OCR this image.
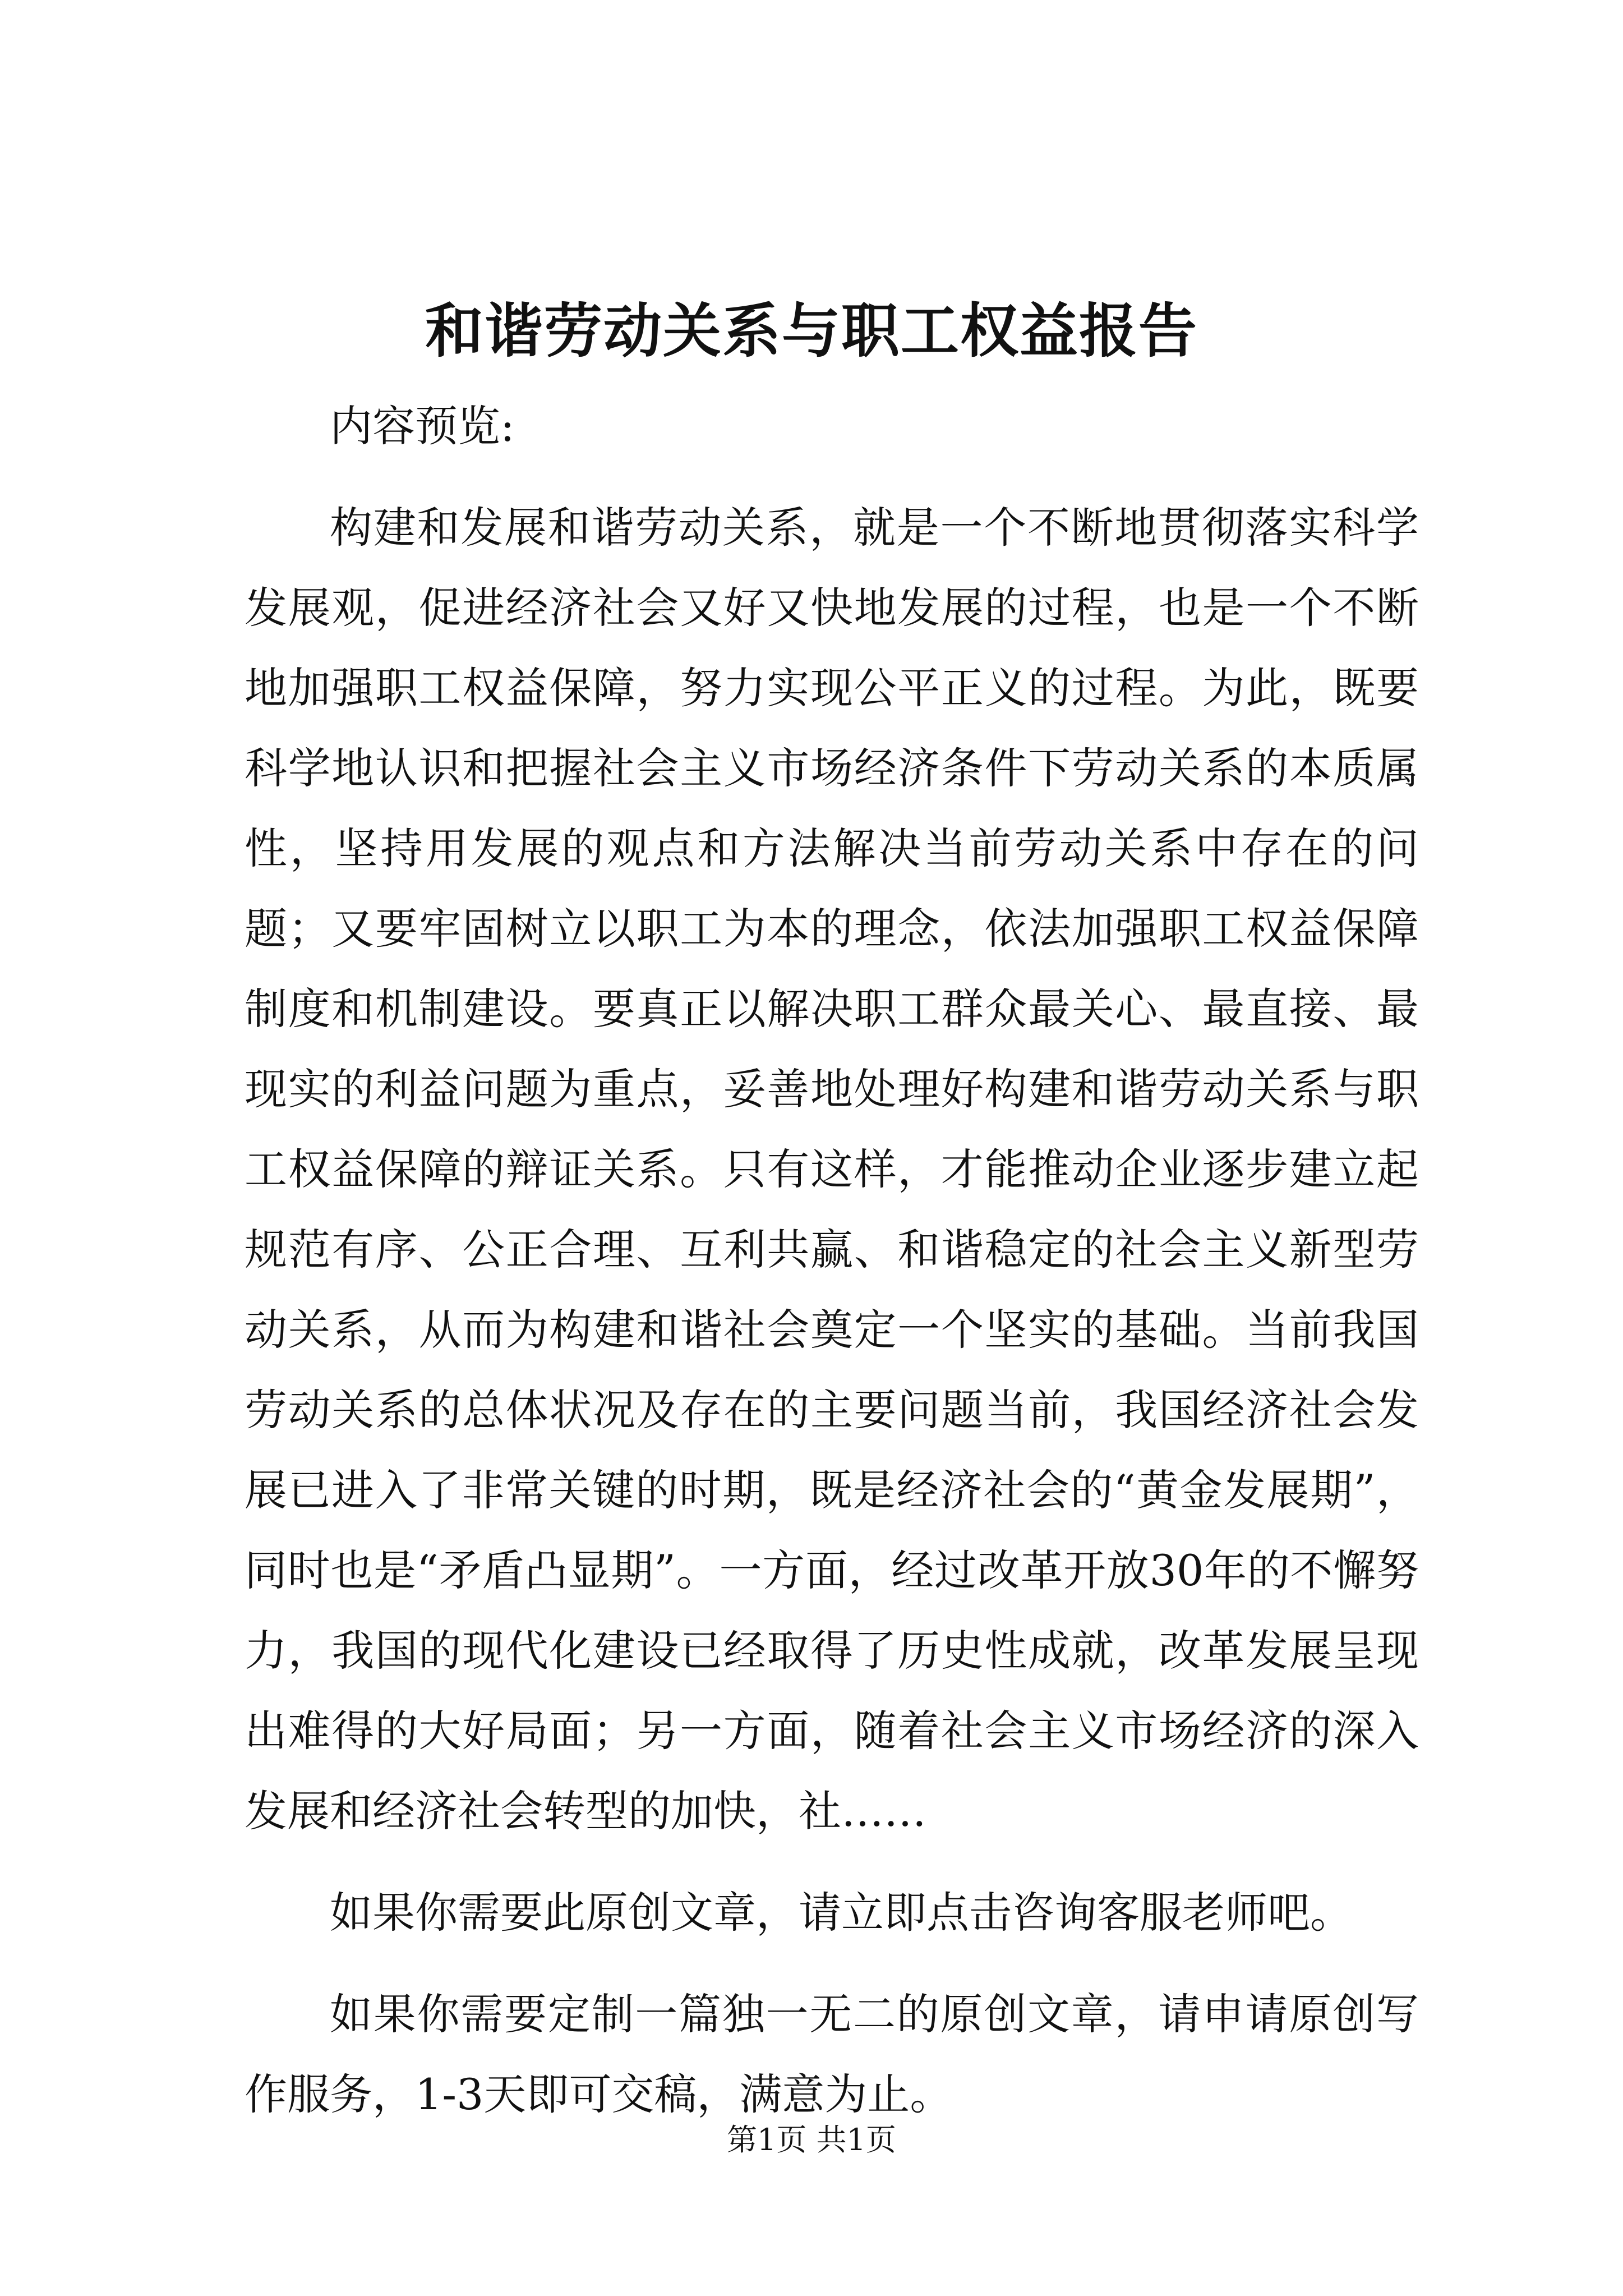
和谐劳动关系与职工权益报告

内容预览:

构建和发展和谐劳动关系，就是一个不断地贯彻落实科学发展观，促进经济社会又好又快地发展的过程，也是一个不断地加强职工权益保障，努力实现公平正义的过程。为此，既要科学地认识和把握社会主义市场经济条件下劳动关系的本质属性，坚持用发展的观点和方法解决当前劳动关系中存在的问题；又要牢固树立以职工为本的理念，依法加强职工权益保障制度和机制建设。要真正以解决职工群众最关心、最直接、最现实的利益问题为重点，妥善地处理好构建和谐劳动关系与职工权益保障的辩证关系。只有这样，才能推动企业逐步建立起规范有序、公正合理、互利共赢、和谐稳定的社会主义新型劳动关系，从而为构建和谐社会奠定一个坚实的基础。当前我国劳动关系的总体状况及存在的主要问题当前，我国经济社会发展已进入了非常关键的时期，既是经济社会的“黄金发展期”，同时也是“矛盾凸显期”。一方面，经过改革开放30年的不懈努力，我国的现代化建设已经取得了历史性成就，改革发展呈现出难得的大好局面；另一方面，随着社会主义市场经济的深入发展和经济社会转型的加快，社……

如果你需要此原创文章，请立即点击咨询客服老师吧。

如果你需要定制一篇独一无二的原创文章，请申请原创写作服务，1-3天即可交稿，满意为止。

第1页 共1页
